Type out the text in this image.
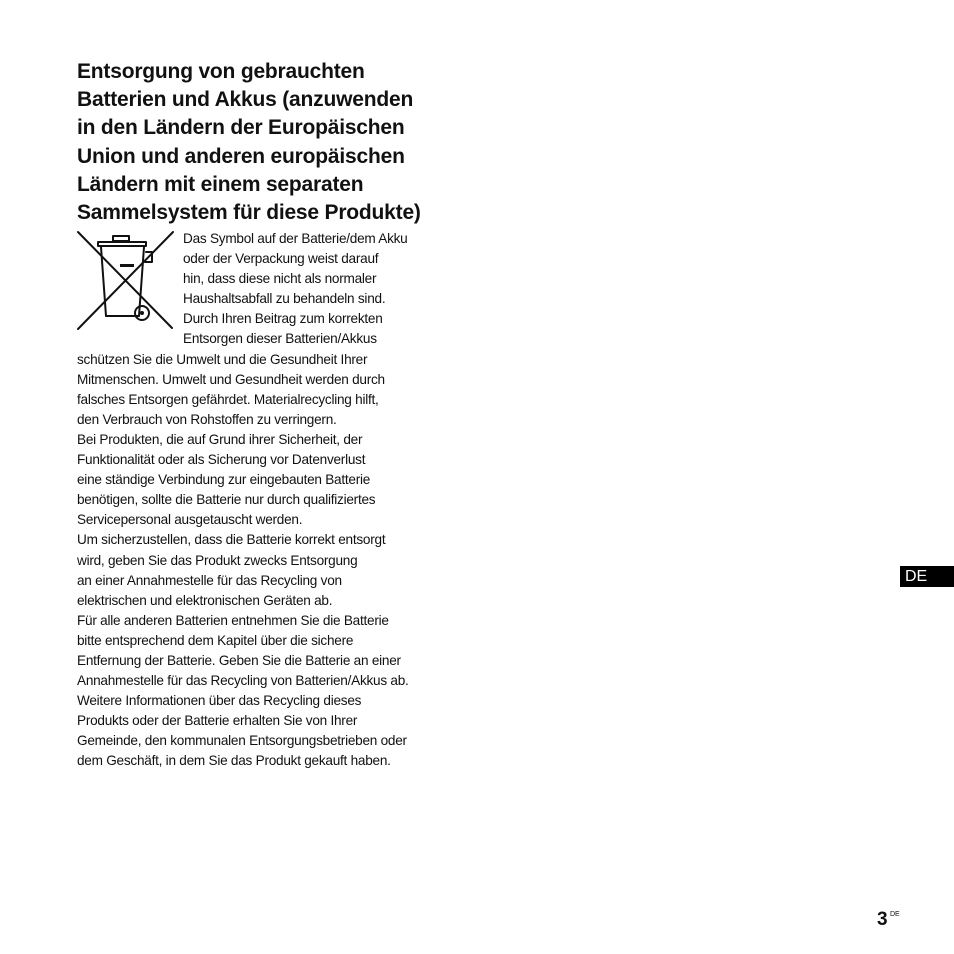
Entsorgung von gebrauchten
Batterien und Akkus (anzuwenden
in den Ländern der Europäischen
Union und anderen europäischen
Ländern mit einem separaten
Sammelsystem für diese Produkte)
Das Symbol auf der Batterie/dem Akku
oder der Verpackung weist darauf
hin, dass diese nicht als normaler
Haushaltsabfall zu behandeln sind.
Durch Ihren Beitrag zum korrekten
Entsorgen dieser Batterien/Akkus
schützen Sie die Umwelt und die Gesundheit Ihrer
Mitmenschen. Umwelt und Gesundheit werden durch
falsches Entsorgen gefährdet. Materialrecycling hilft,
den Verbrauch von Rohstoffen zu verringern.
Bei Produkten, die auf Grund ihrer Sicherheit, der
Funktionalität oder als Sicherung vor Datenverlust
eine ständige Verbindung zur eingebauten Batterie
benötigen, sollte die Batterie nur durch qualifiziertes
Servicepersonal ausgetauscht werden.
Um sicherzustellen, dass die Batterie korrekt entsorgt
wird, geben Sie das Produkt zwecks Entsorgung
an einer Annahmestelle für das Recycling von
elektrischen und elektronischen Geräten ab.
Für alle anderen Batterien entnehmen Sie die Batterie
bitte entsprechend dem Kapitel über die sichere
Entfernung der Batterie. Geben Sie die Batterie an einer
Annahmestelle für das Recycling von Batterien/Akkus ab.
Weitere Informationen über das Recycling dieses
Produkts oder der Batterie erhalten Sie von Ihrer
Gemeinde, den kommunalen Entsorgungsbetrieben oder
dem Geschäft, in dem Sie das Produkt gekauft haben.
DE
3 DE
